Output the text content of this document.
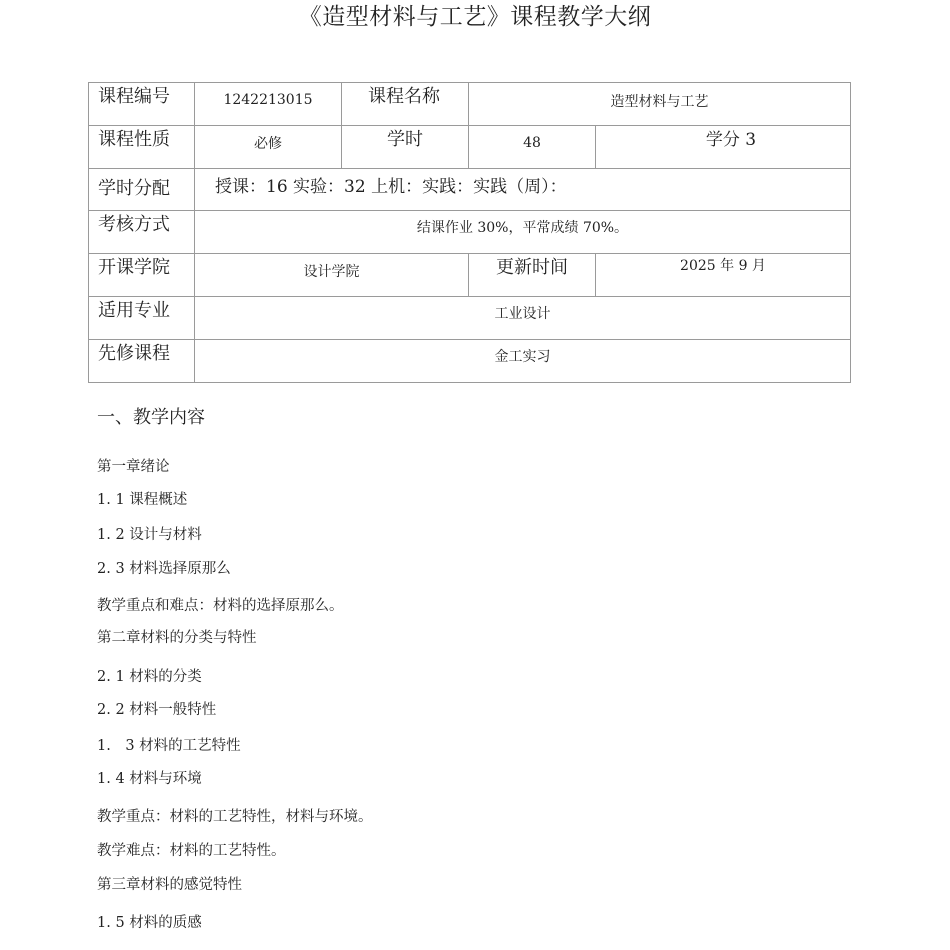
《造型材料与工艺》课程教学大纲
课程编号	1242213015	课程名称	造型材料与工艺	
课程性质	必修	学时	48	学分 3
学时分配	授课：16 实验：32 上机：实践：实践（周）：			
考核方式	结课作业 30%，平常成绩 70%。			
开课学院	设计学院		更新时间	2025 年 9 月
适用专业	工业设计			
先修课程	金工实习			
一、教学内容
第一章绪论
1. 1 课程概述
1. 2 设计与材料
2. 3 材料选择原那么
教学重点和难点：材料的选择原那么。
第二章材料的分类与特性
2. 1 材料的分类
2. 2 材料一般特性
1.　3 材料的工艺特性
1. 4 材料与环境
教学重点：材料的工艺特性，材料与环境。
教学难点：材料的工艺特性。
第三章材料的感觉特性
1. 5 材料的质感
